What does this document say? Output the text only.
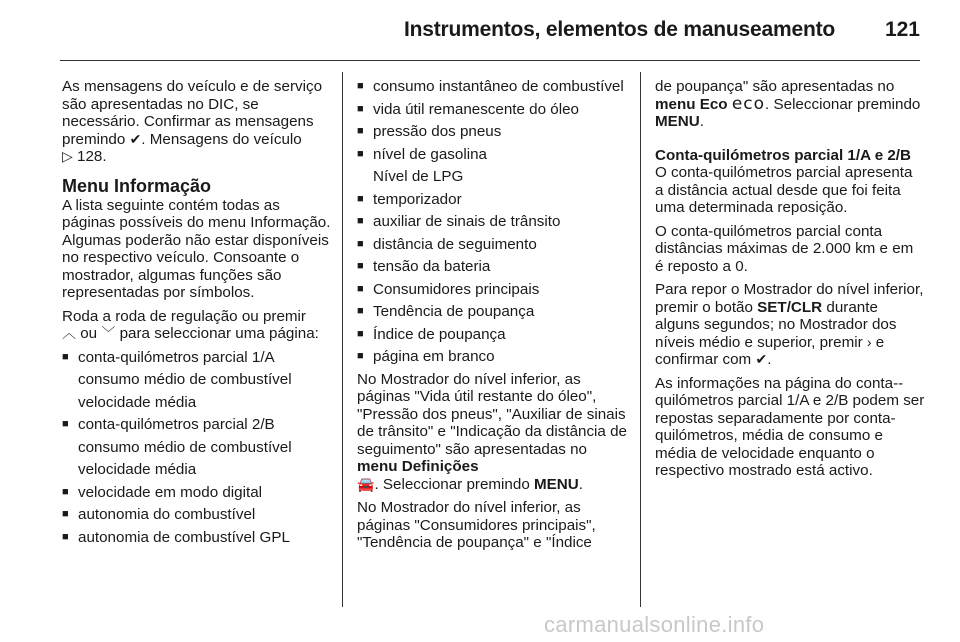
Instrumentos, elementos de manuseamento 121

As mensagens do veículo e de serviço são apresentadas no DIC, se necessário. Confirmar as mensagens premindo ✔. Mensagens do veículo
▷ 128.

Menu Informação

A lista seguinte contém todas as páginas possíveis do menu Informação. Algumas poderão não estar disponíveis no respectivo veículo. Consoante o mostrador, algumas funções são representadas por símbolos.

Roda a roda de regulação ou premir
︿ ou ﹀ para seleccionar uma página:

■ conta-quilómetros parcial 1/A
consumo médio de combustível
velocidade média
■ conta-quilómetros parcial 2/B
consumo médio de combustível
velocidade média
■ velocidade em modo digital
■ autonomia do combustível
■ autonomia de combustível GPL
■ consumo instantâneo de combustível
■ vida útil remanescente do óleo
■ pressão dos pneus
■ nível de gasolina
Nível de LPG
■ temporizador
■ auxiliar de sinais de trânsito
■ distância de seguimento
■ tensão da bateria
■ Consumidores principais
■ Tendência de poupança
■ Índice de poupança
■ página em branco

No Mostrador do nível inferior, as páginas "Vida útil restante do óleo", "Pressão dos pneus", "Auxiliar de sinais de trânsito" e "Indicação da distância de seguimento" são apresentadas no menu Definições
🚘. Seleccionar premindo MENU.

No Mostrador do nível inferior, as páginas "Consumidores principais", "Tendência de poupança" e "Índice

de poupança" são apresentadas no menu Eco eco. Seleccionar premindo MENU.

Conta-quilómetros parcial 1/A e 2/B

O conta-quilómetros parcial apresenta a distância actual desde que foi feita uma determinada reposição.

O conta-quilómetros parcial conta distâncias máximas de 2.000 km e em é reposto a 0.

Para repor o Mostrador do nível inferior, premir o botão SET/CLR durante alguns segundos; no Mostrador dos níveis médio e superior, premir › e confirmar com ✔.

As informações na página do conta--quilómetros parcial 1/A e 2/B podem ser repostas separadamente por conta-quilómetros, média de consumo e média de velocidade enquanto o respectivo mostrado está activo.

carmanualsonline.info
